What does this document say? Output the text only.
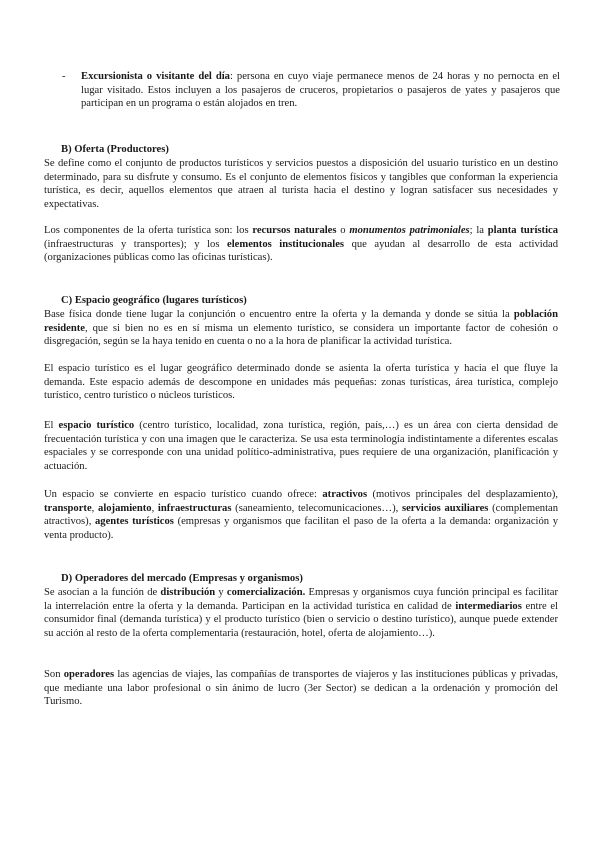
- Excursionista o visitante del día: persona en cuyo viaje permanece menos de 24 horas y no pernocta en el lugar visitado. Estos incluyen a los pasajeros de cruceros, propietarios o pasajeros de yates y pasajeros que participan en un programa o están alojados en tren.
B) Oferta (Productores)

Se define como el conjunto de productos turísticos y servicios puestos a disposición del usuario turístico en un destino determinado, para su disfrute y consumo. Es el conjunto de elementos físicos y tangibles que conforman la experiencia turística, es decir, aquellos elementos que atraen al turista hacia el destino y logran satisfacer sus necesidades y expectativas.

Los componentes de la oferta turística son: los recursos naturales o monumentos patrimoniales; la planta turística (infraestructuras y transportes); y los elementos institucionales que ayudan al desarrollo de esta actividad (organizaciones públicas como las oficinas turísticas).

C) Espacio geográfico (lugares turísticos)

Base física donde tiene lugar la conjunción o encuentro entre la oferta y la demanda y donde se sitúa la población residente, que si bien no es en sí misma un elemento turístico, se considera un importante factor de cohesión o disgregación, según se la haya tenido en cuenta o no a la hora de planificar la actividad turística.

El espacio turístico es el lugar geográfico determinado donde se asienta la oferta turística y hacia el que fluye la demanda. Este espacio además de descompone en unidades más pequeñas: zonas turísticas, área turística, complejo turístico, centro turístico o núcleos turísticos.

El espacio turístico (centro turístico, localidad, zona turística, región, país,…) es un área con cierta densidad de frecuentación turística y con una imagen que le caracteriza. Se usa esta terminología indistintamente a diferentes escalas espaciales y se corresponde con una unidad político-administrativa, pues requiere de una organización, planificación y actuación.

Un espacio se convierte en espacio turístico cuando ofrece: atractivos (motivos principales del desplazamiento), transporte, alojamiento, infraestructuras (saneamiento, telecomunicaciones…), servicios auxiliares (complementan atractivos), agentes turísticos (empresas y organismos que facilitan el paso de la oferta a la demanda: organización y venta producto).

D) Operadores del mercado (Empresas y organismos)

Se asocian a la función de distribución y comercialización. Empresas y organismos cuya función principal es facilitar la interrelación entre la oferta y la demanda. Participan en la actividad turística en calidad de intermediarios entre el consumidor final (demanda turística) y el producto turístico (bien o servicio o destino turístico), aunque puede extender su acción al resto de la oferta complementaria (restauración, hotel, oferta de alojamiento…).

Son operadores las agencias de viajes, las compañías de transportes de viajeros y las instituciones públicas y privadas, que mediante una labor profesional o sin ánimo de lucro (3er Sector) se dedican a la ordenación y promoción del Turismo.
